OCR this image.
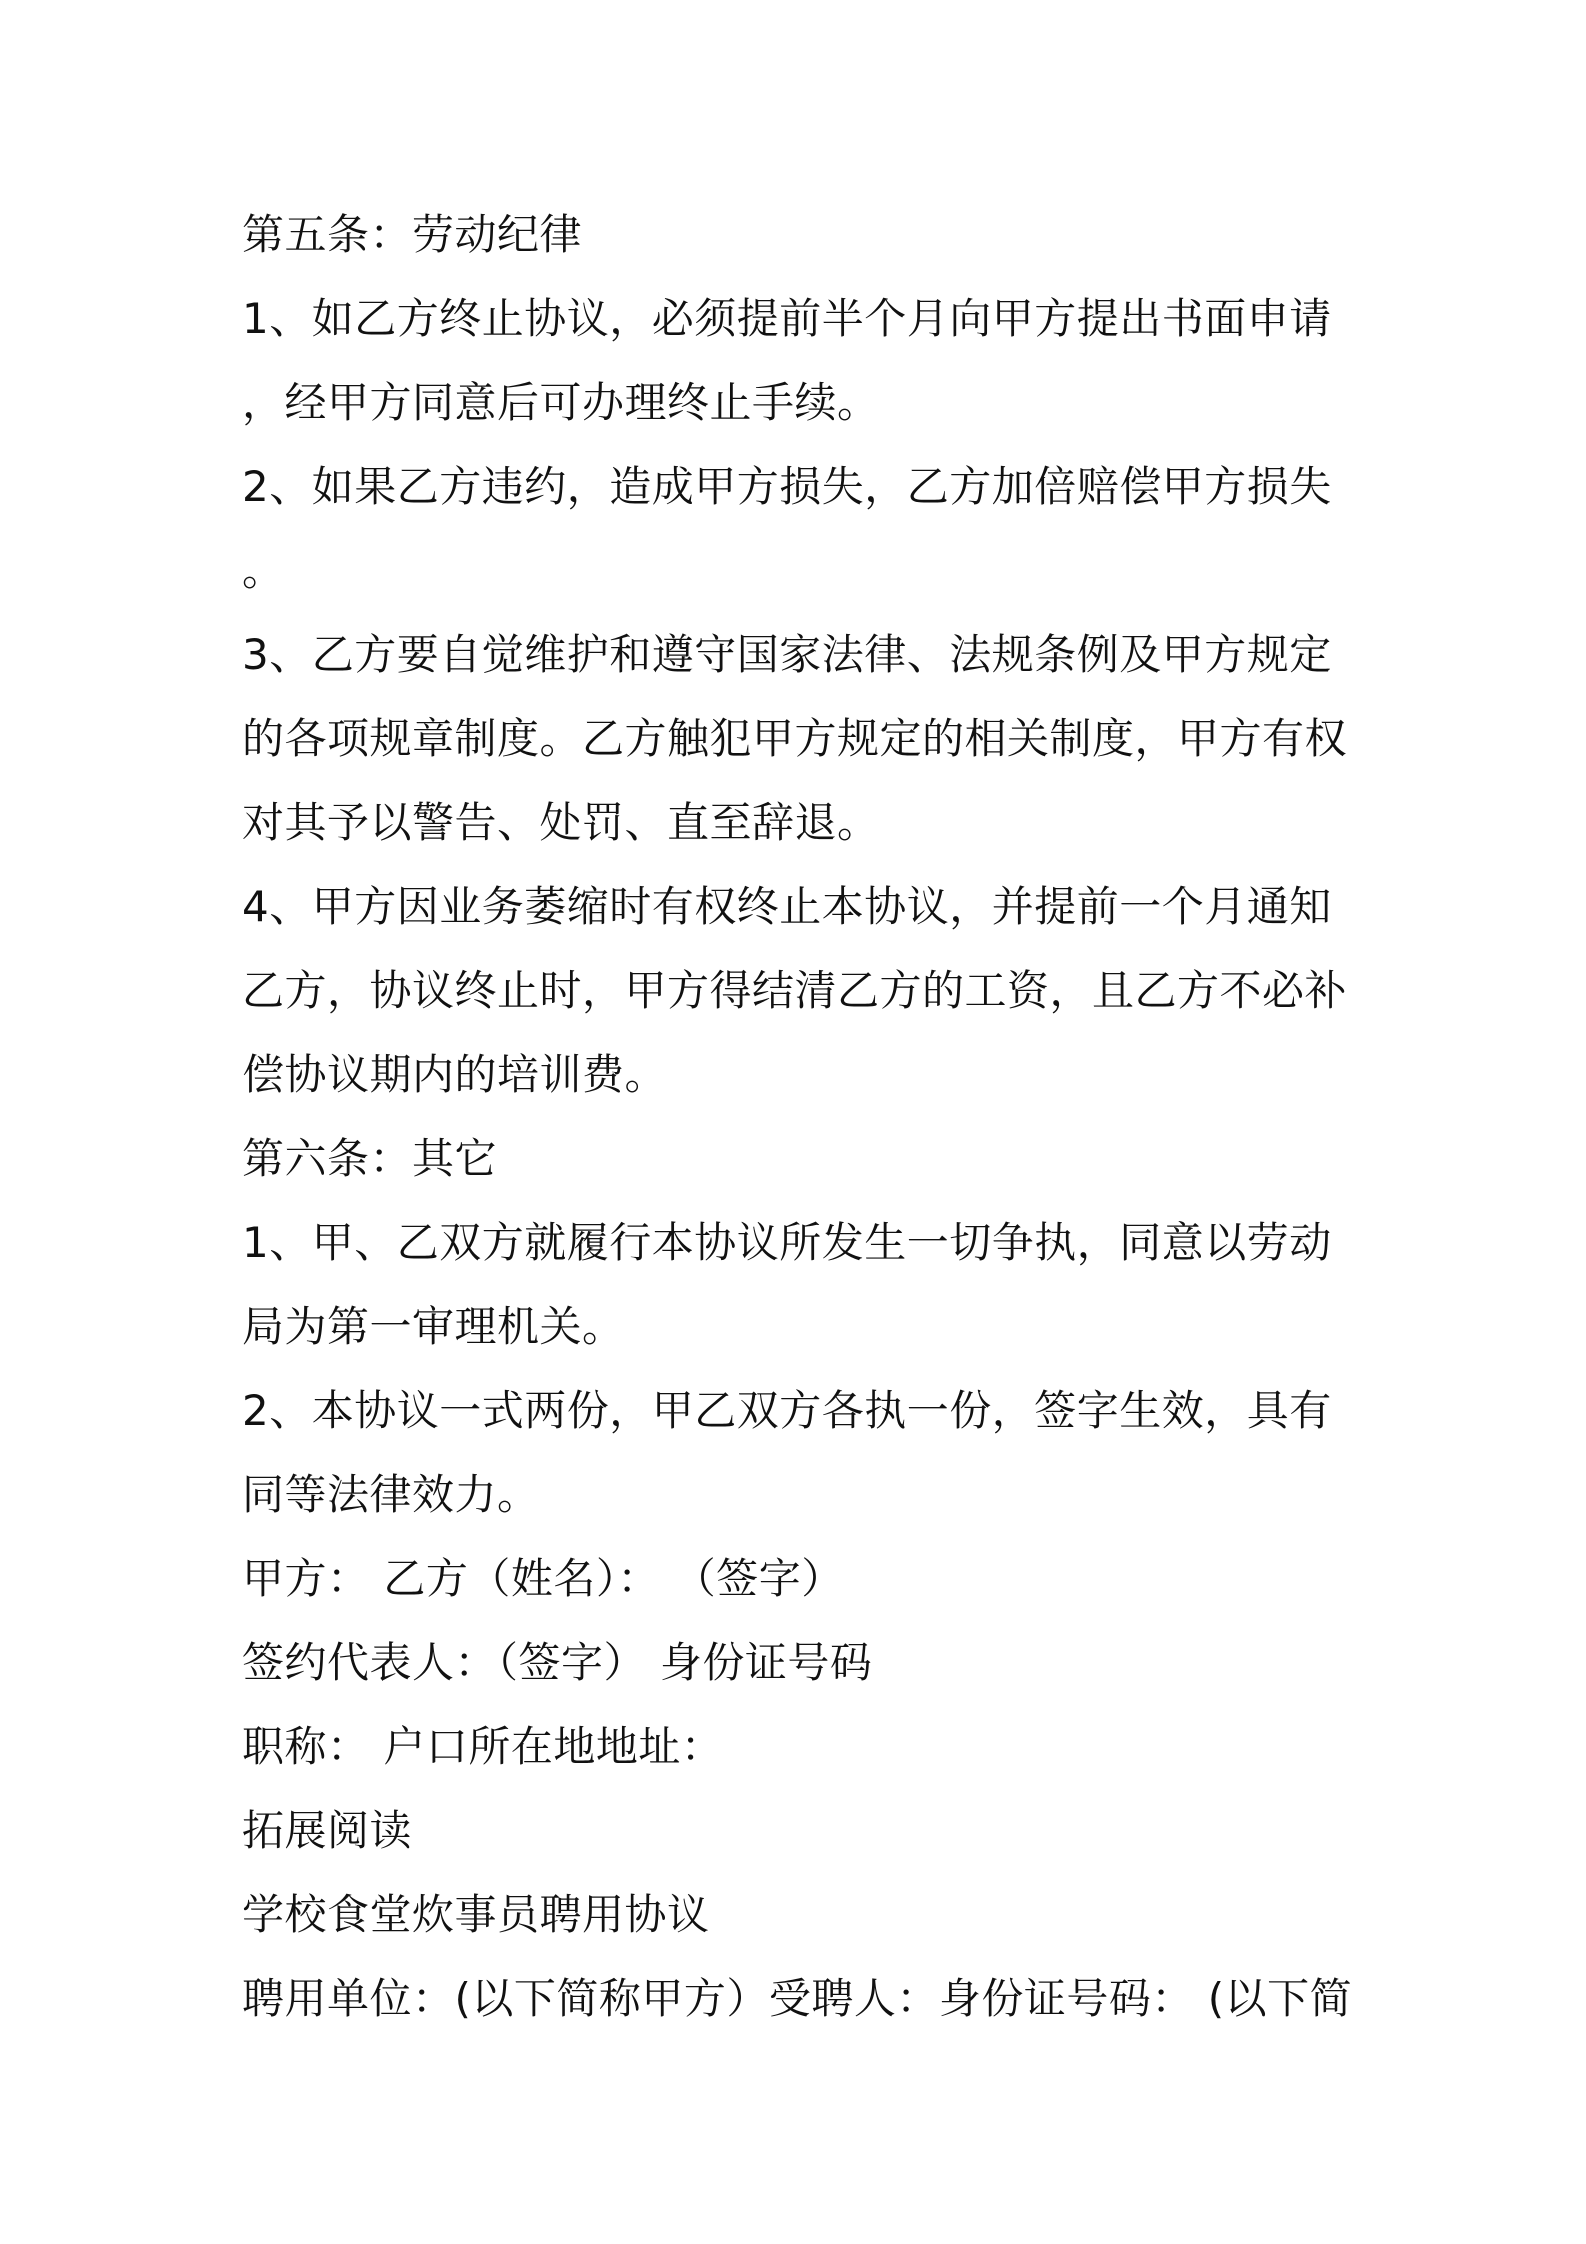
第五条：劳动纪律
1、如乙方终止协议，必须提前半个月向甲方提出书面申请
，经甲方同意后可办理终止手续。
2、如果乙方违约，造成甲方损失，乙方加倍赔偿甲方损失
。
3、乙方要自觉维护和遵守国家法律、法规条例及甲方规定
的各项规章制度。乙方触犯甲方规定的相关制度，甲方有权
对其予以警告、处罚、直至辞退。
4、甲方因业务萎缩时有权终止本协议，并提前一个月通知
乙方，协议终止时，甲方得结清乙方的工资，且乙方不必补
偿协议期内的培训费。
第六条：其它
1、甲、乙双方就履行本协议所发生一切争执，同意以劳动
局为第一审理机关。
2、本协议一式两份，甲乙双方各执一份，签字生效，具有
同等法律效力。
甲方： 乙方（姓名）： （签字）
签约代表人：（签字） 身份证号码
职称： 户口所在地地址：
拓展阅读
学校食堂炊事员聘用协议
聘用单位：(以下简称甲方）受聘人：身份证号码： (以下简
